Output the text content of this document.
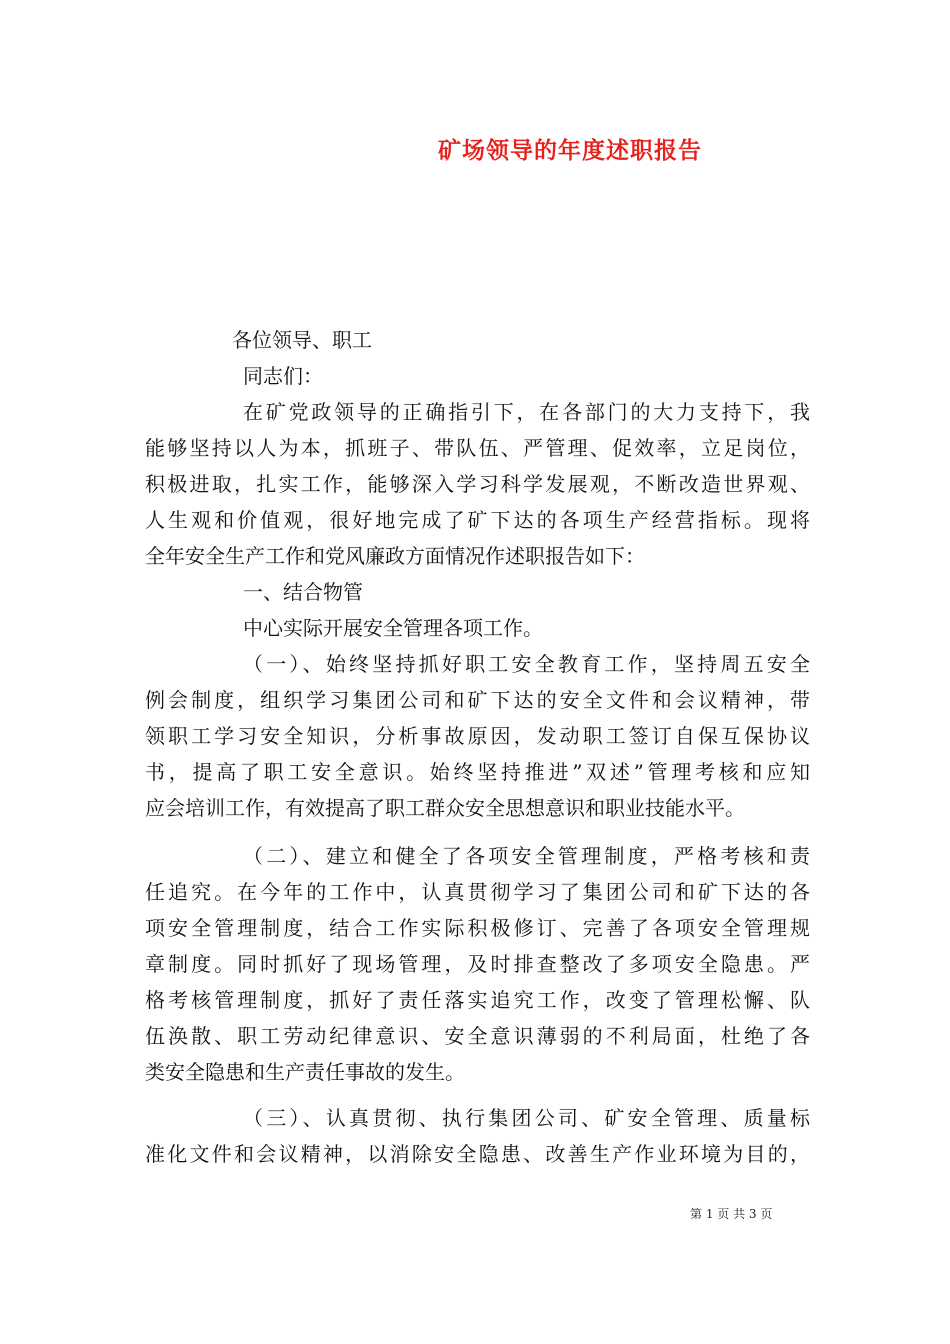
矿场领导的年度述职报告
各位领导、职工
同志们：
在矿党政领导的正确指引下，在各部门的大力支持下，我
能够坚持以人为本，抓班子、带队伍、严管理、促效率，立足岗位，
积极进取，扎实工作，能够深入学习科学发展观，不断改造世界观、
人生观和价值观，很好地完成了矿下达的各项生产经营指标。现将
全年安全生产工作和党风廉政方面情况作述职报告如下：
一、结合物管
中心实际开展安全管理各项工作。
（一）、始终坚持抓好职工安全教育工作，坚持周五安全
例会制度，组织学习集团公司和矿下达的安全文件和会议精神，带
领职工学习安全知识，分析事故原因，发动职工签订自保互保协议
书，提高了职工安全意识。始终坚持推进”双述”管理考核和应知
应会培训工作，有效提高了职工群众安全思想意识和职业技能水平。
（二）、建立和健全了各项安全管理制度，严格考核和责
任追究。在今年的工作中，认真贯彻学习了集团公司和矿下达的各
项安全管理制度，结合工作实际积极修订、完善了各项安全管理规
章制度。同时抓好了现场管理，及时排查整改了多项安全隐患。严
格考核管理制度，抓好了责任落实追究工作，改变了管理松懈、队
伍涣散、职工劳动纪律意识、安全意识薄弱的不利局面，杜绝了各
类安全隐患和生产责任事故的发生。
（三）、认真贯彻、执行集团公司、矿安全管理、质量标
准化文件和会议精神，以消除安全隐患、改善生产作业环境为目的，
第 1 页 共 3 页
